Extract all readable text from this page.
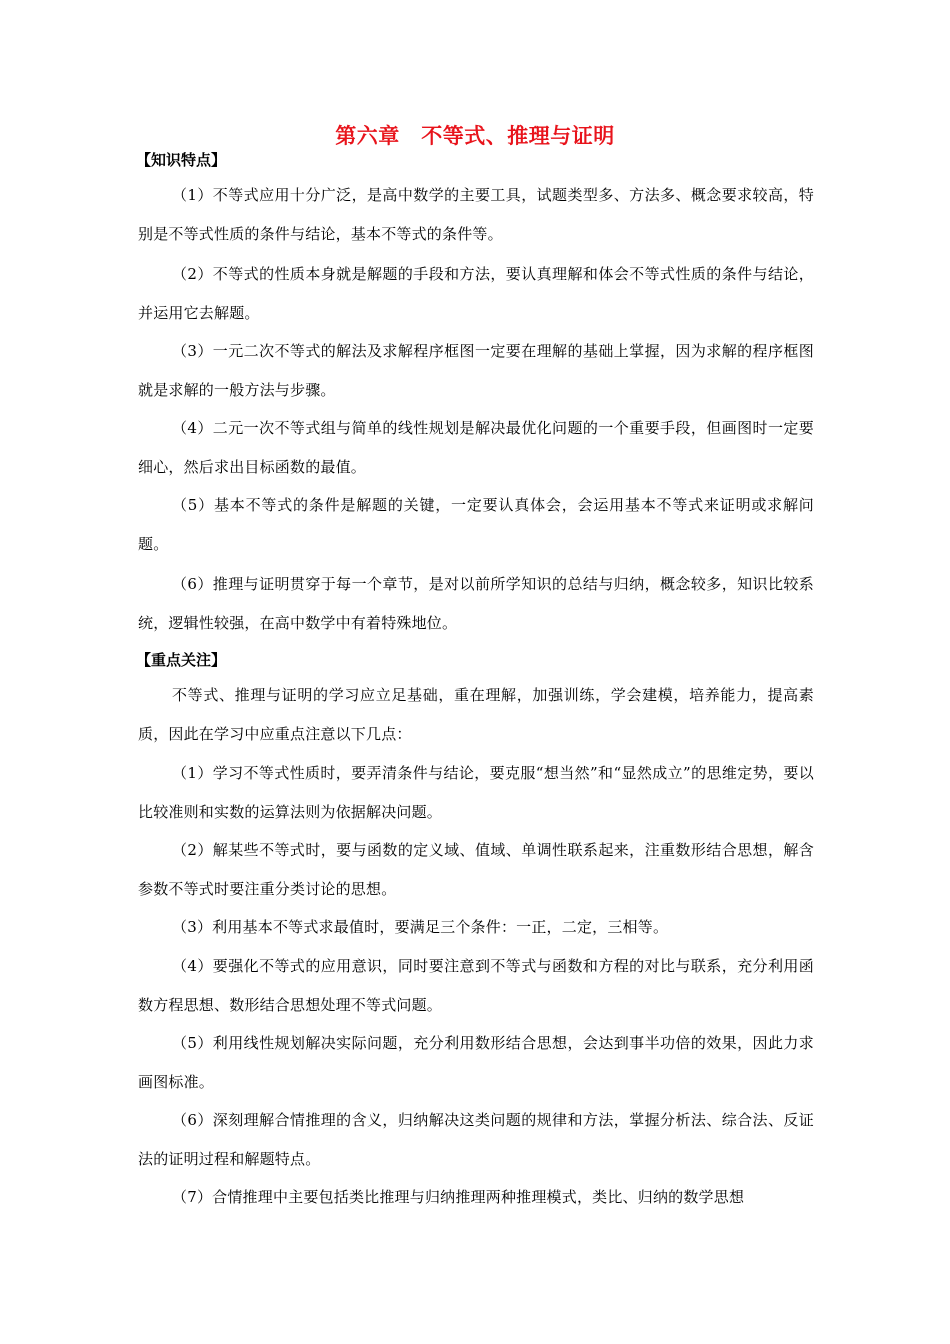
第六章　不等式、推理与证明
【知识特点】
（1）不等式应用十分广泛，是高中数学的主要工具，试题类型多、方法多、概念要求较高，特别是不等式性质的条件与结论，基本不等式的条件等。
（2）不等式的性质本身就是解题的手段和方法，要认真理解和体会不等式性质的条件与结论，并运用它去解题。
（3）一元二次不等式的解法及求解程序框图一定要在理解的基础上掌握，因为求解的程序框图就是求解的一般方法与步骤。
（4）二元一次不等式组与简单的线性规划是解决最优化问题的一个重要手段，但画图时一定要细心，然后求出目标函数的最值。
（5）基本不等式的条件是解题的关键，一定要认真体会，会运用基本不等式来证明或求解问题。
（6）推理与证明贯穿于每一个章节，是对以前所学知识的总结与归纳，概念较多，知识比较系统，逻辑性较强，在高中数学中有着特殊地位。
【重点关注】
不等式、推理与证明的学习应立足基础，重在理解，加强训练，学会建模，培养能力，提高素质，因此在学习中应重点注意以下几点：
（1）学习不等式性质时，要弄清条件与结论，要克服“想当然”和“显然成立”的思维定势，要以比较准则和实数的运算法则为依据解决问题。
（2）解某些不等式时，要与函数的定义域、值域、单调性联系起来，注重数形结合思想，解含参数不等式时要注重分类讨论的思想。
（3）利用基本不等式求最值时，要满足三个条件：一正，二定，三相等。
（4）要强化不等式的应用意识，同时要注意到不等式与函数和方程的对比与联系，充分利用函数方程思想、数形结合思想处理不等式问题。
（5）利用线性规划解决实际问题，充分利用数形结合思想，会达到事半功倍的效果，因此力求画图标准。
（6）深刻理解合情推理的含义，归纳解决这类问题的规律和方法，掌握分析法、综合法、反证法的证明过程和解题特点。
（7）合情推理中主要包括类比推理与归纳推理两种推理模式，类比、归纳的数学思想
